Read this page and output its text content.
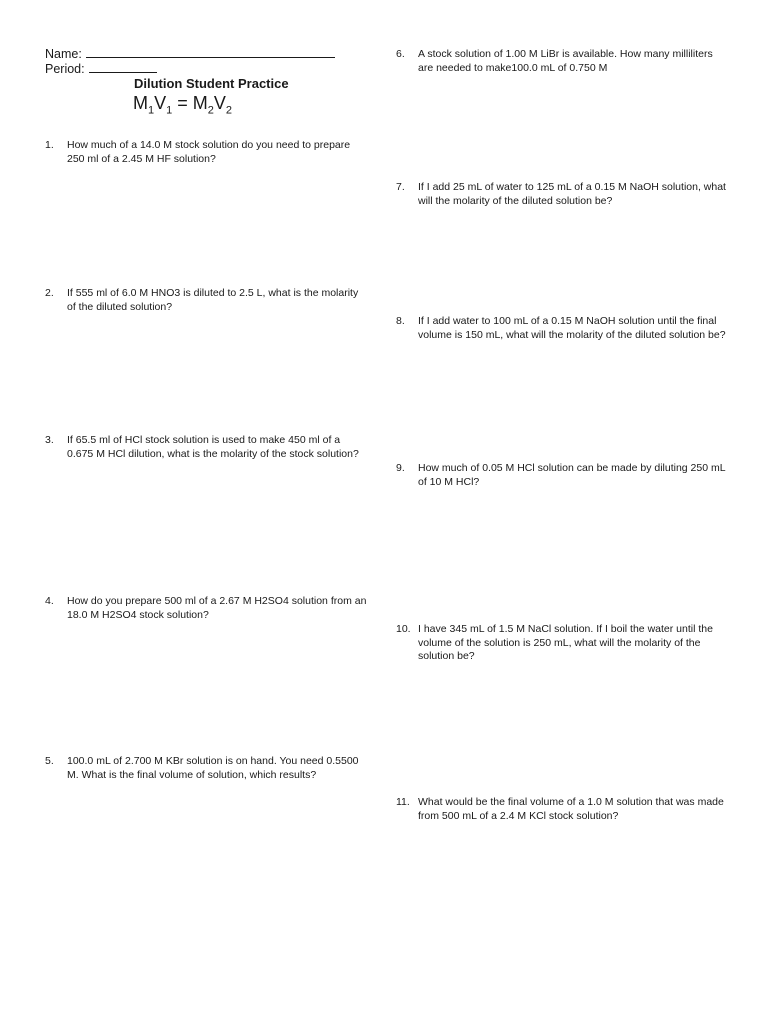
Name:
Period:
Dilution Student Practice
$M_1V_1 = M_2V_2$
1.	How much of a 14.0 M stock solution do you need to prepare 250 ml of a 2.45 M HF solution?
2.	If 555 ml of 6.0 M HNO3 is diluted to 2.5 L, what is the molarity of the diluted solution?
3.	If 65.5 ml of HCl stock solution is used to make 450 ml of a 0.675 M HCl dilution, what is the molarity of the stock solution?
4.	How do you prepare 500 ml of a 2.67 M H2SO4 solution from an 18.0 M H2SO4 stock solution?
5.	100.0 mL of 2.700 M KBr solution is on hand. You need 0.5500 M. What is the final volume of solution, which results?
6.	A stock solution of 1.00 M LiBr is available. How many milliliters are needed to make100.0 mL of 0.750 M
7.	If I add 25 mL of water to 125 mL of a 0.15 M NaOH solution, what will the molarity of the diluted solution be?
8.	If I add water to 100 mL of a 0.15 M NaOH solution until the final volume is 150 mL, what will the molarity of the diluted solution be?
9.	How much of 0.05 M HCl solution can be made by diluting 250 mL of 10 M HCl?
10. I have 345 mL of 1.5 M NaCl solution. If I boil the water until the volume of the solution is 250 mL, what will the molarity of the solution be?
11. What would be the final volume of a 1.0 M solution that was made from 500 mL of a 2.4 M KCl stock solution?
